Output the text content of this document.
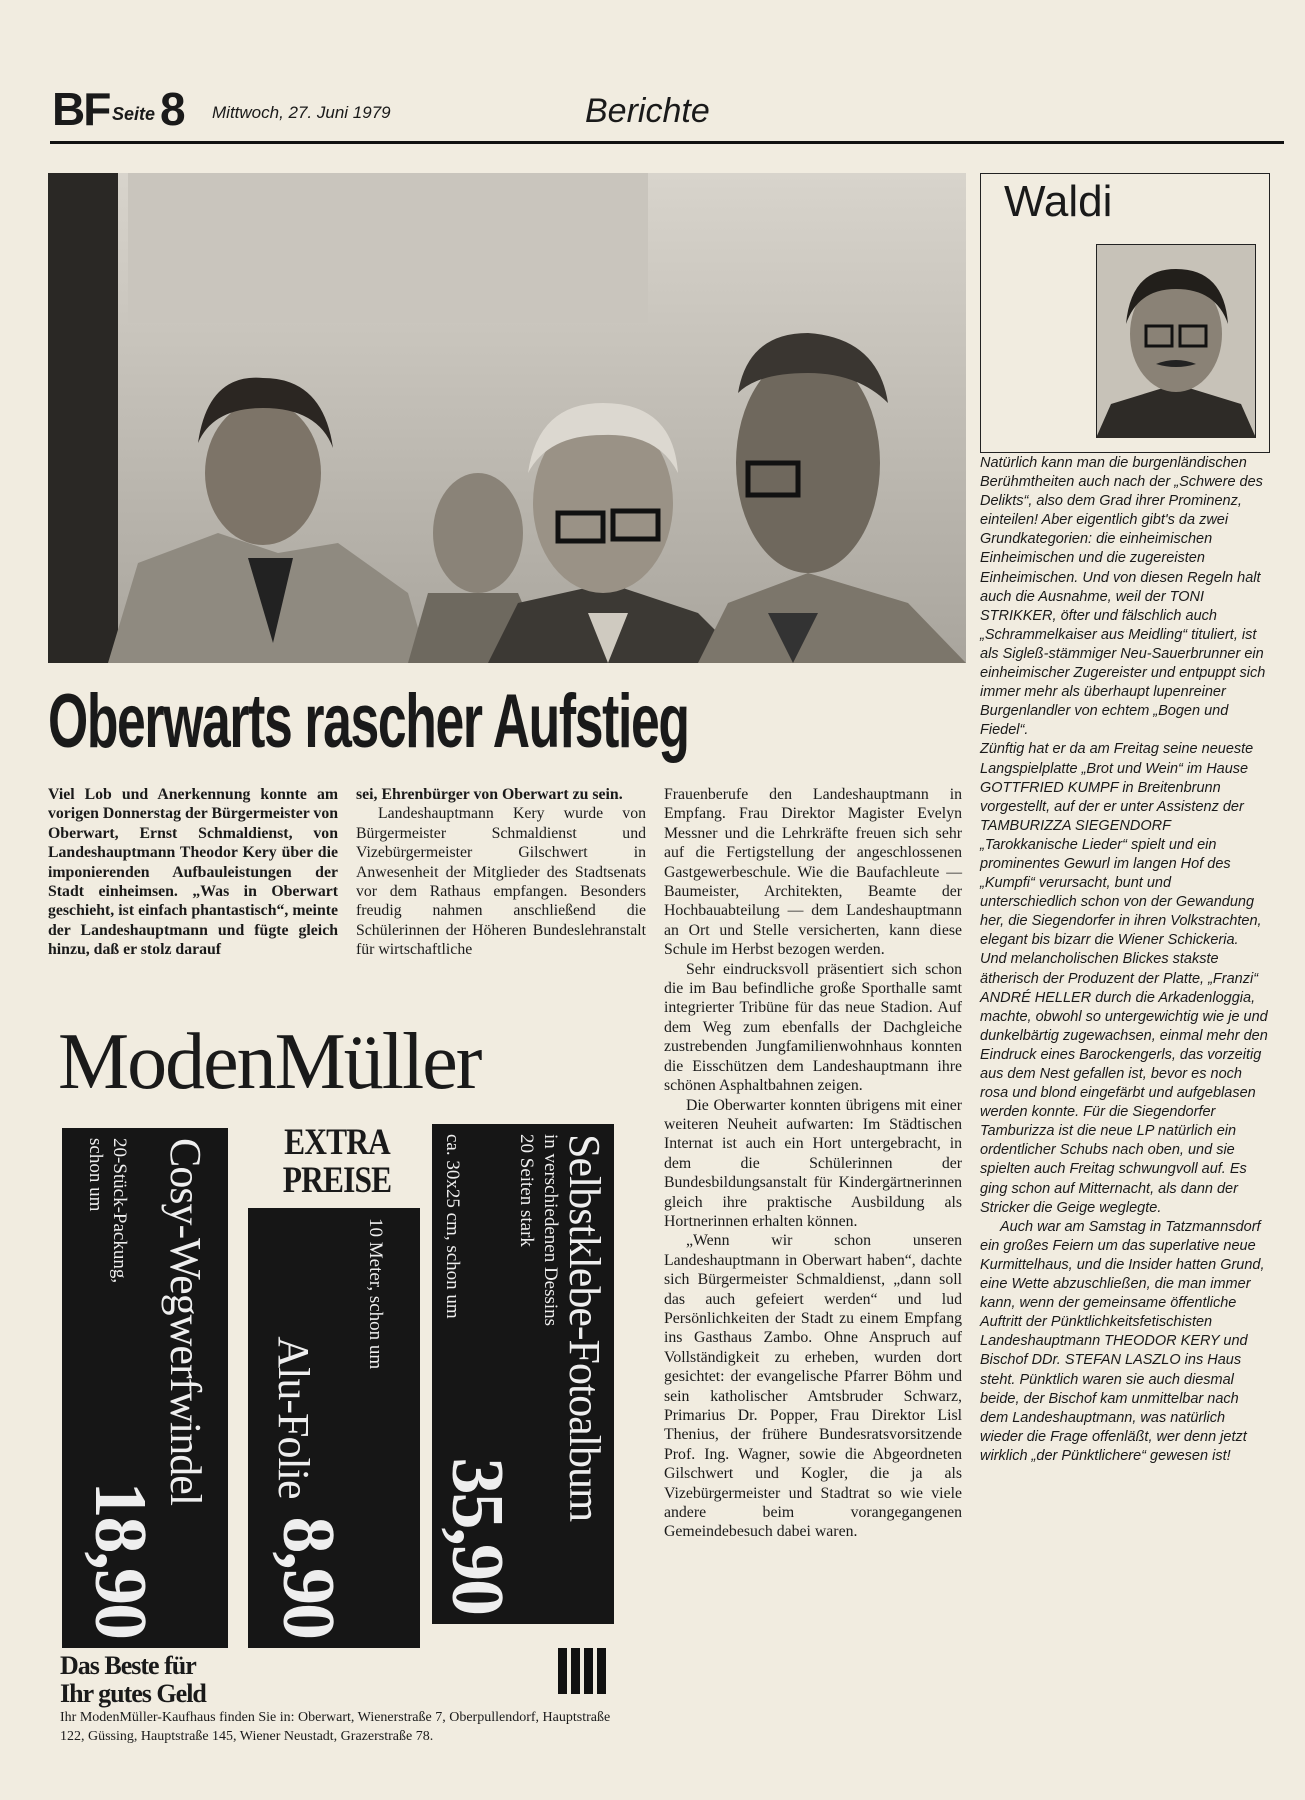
BF Seite 8 Mittwoch, 27. Juni 1979	Berichte
Oberwarts rascher Aufstieg

Viel Lob und Anerkennung konnte am vorigen Donnerstag der Bürgermeister von Oberwart, Ernst Schmaldienst, von Landeshauptmann Theodor Kery über die imponierenden Aufbauleistungen der Stadt einheimsen. „Was in Oberwart geschieht, ist einfach phantastisch“, meinte der Landeshauptmann und fügte gleich hinzu, daß er stolz darauf

sei, Ehrenbürger von Oberwart zu sein.

Landeshauptmann Kery wurde von Bürgermeister Schmaldienst und Vizebürgermeister Gilschwert in Anwesenheit der Mitglieder des Stadtsenats vor dem Rathaus empfangen. Besonders freudig nahmen anschließend die Schülerinnen der Höheren Bundeslehranstalt für wirtschaftliche

Frauenberufe den Landeshauptmann in Empfang. Frau Direktor Magister Evelyn Messner und die Lehrkräfte freuen sich sehr auf die Fertigstellung der angeschlossenen Gastgewerbeschule. Wie die Baufachleute — Baumeister, Architekten, Beamte der Hochbauabteilung — dem Landeshauptmann an Ort und Stelle versicherten, kann diese Schule im Herbst bezogen werden.

Sehr eindrucksvoll präsentiert sich schon die im Bau befindliche große Sporthalle samt integrierter Tribüne für das neue Stadion. Auf dem Weg zum ebenfalls der Dachgleiche zustrebenden Jungfamilienwohnhaus konnten die Eisschützen dem Landeshauptmann ihre schönen Asphaltbahnen zeigen.

Die Oberwarter konnten übrigens mit einer weiteren Neuheit aufwarten: Im Städtischen Internat ist auch ein Hort untergebracht, in dem die Schülerinnen der Bundesbildungsanstalt für Kindergärtnerinnen gleich ihre praktische Ausbildung als Hortnerinnen erhalten können.

„Wenn wir schon unseren Landeshauptmann in Oberwart haben“, dachte sich Bürgermeister Schmaldienst, „dann soll das auch gefeiert werden“ und lud Persönlichkeiten der Stadt zu einem Empfang ins Gasthaus Zambo. Ohne Anspruch auf Vollständigkeit zu erheben, wurden dort gesichtet: der evangelische Pfarrer Böhm und sein katholischer Amtsbruder Schwarz, Primarius Dr. Popper, Frau Direktor Lisl Thenius, der frühere Bundesratsvorsitzende Prof. Ing. Wagner, sowie die Abgeordneten Gilschwert und Kogler, die ja als Vizebürgermeister und Stadtrat so wie viele andere beim vorangegangenen Gemeindebesuch dabei waren.

Waldi

Natürlich kann man die burgenländischen Berühmtheiten auch nach der „Schwere des Delikts“, also dem Grad ihrer Prominenz, einteilen! Aber eigentlich gibt's da zwei Grundkategorien: die einheimischen Einheimischen und die zugereisten Einheimischen. Und von diesen Regeln halt auch die Ausnahme, weil der TONI STRIKKER, öfter und fälschlich auch „Schrammelkaiser aus Meidling“ tituliert, ist als Sigleß-stämmiger Neu-Sauerbrunner ein einheimischer Zugereister und entpuppt sich immer mehr als überhaupt lupenreiner Burgenlandler von echtem „Bogen und Fiedel“.

Zünftig hat er da am Freitag seine neueste Langspielplatte „Brot und Wein“ im Hause GOTTFRIED KUMPF in Breitenbrunn vorgestellt, auf der er unter Assistenz der TAMBURIZZA SIEGENDORF „Tarokkanische Lieder“ spielt und ein prominentes Gewurl im langen Hof des „Kumpfi“ verursacht, bunt und unterschiedlich schon von der Gewandung her, die Siegendorfer in ihren Volkstrachten, elegant bis bizarr die Wiener Schickeria. Und melancholischen Blickes stakste ätherisch der Produzent der Platte, „Franzi“ ANDRÉ HELLER durch die Arkadenloggia, machte, obwohl so untergewichtig wie je und dunkelbärtig zugewachsen, einmal mehr den Eindruck eines Barockengerls, das vorzeitig aus dem Nest gefallen ist, bevor es noch rosa und blond eingefärbt und aufgeblasen werden konnte. Für die Siegendorfer Tamburizza ist die neue LP natürlich ein ordentlicher Schubs nach oben, und sie spielten auch Freitag schwungvoll auf. Es ging schon auf Mitternacht, als dann der Stricker die Geige weglegte.

Auch war am Samstag in Tatzmannsdorf ein großes Feiern um das superlative neue Kurmittelhaus, und die Insider hatten Grund, eine Wette abzuschließen, die man immer kann, wenn der gemeinsame öffentliche Auftritt der Pünktlichkeitsfetischisten Landeshauptmann THEODOR KERY und Bischof DDr. STEFAN LASZLO ins Haus steht. Pünktlich waren sie auch diesmal beide, der Bischof kam unmittelbar nach dem Landeshauptmann, was natürlich wieder die Frage offenläßt, wer denn jetzt wirklich „der Pünktlichere“ gewesen ist!

ModenMüller
Cosy-Wegwerfwindel
20-Stück-Packung,
schon um
18,90
EXTRA PREISE
10 Meter, schon um
Alu-Folie
8,90
Selbstklebe-Fotoalbum
in verschiedenen Dessins
20 Seiten stark
ca. 30x25 cm, schon um
35,90
Das Beste für
Ihr gutes Geld
Ihr ModenMüller-Kaufhaus finden Sie in: Oberwart, Wienerstraße 7, Oberpullendorf, Hauptstraße 122, Güssing, Hauptstraße 145, Wiener Neustadt, Grazerstraße 78.
